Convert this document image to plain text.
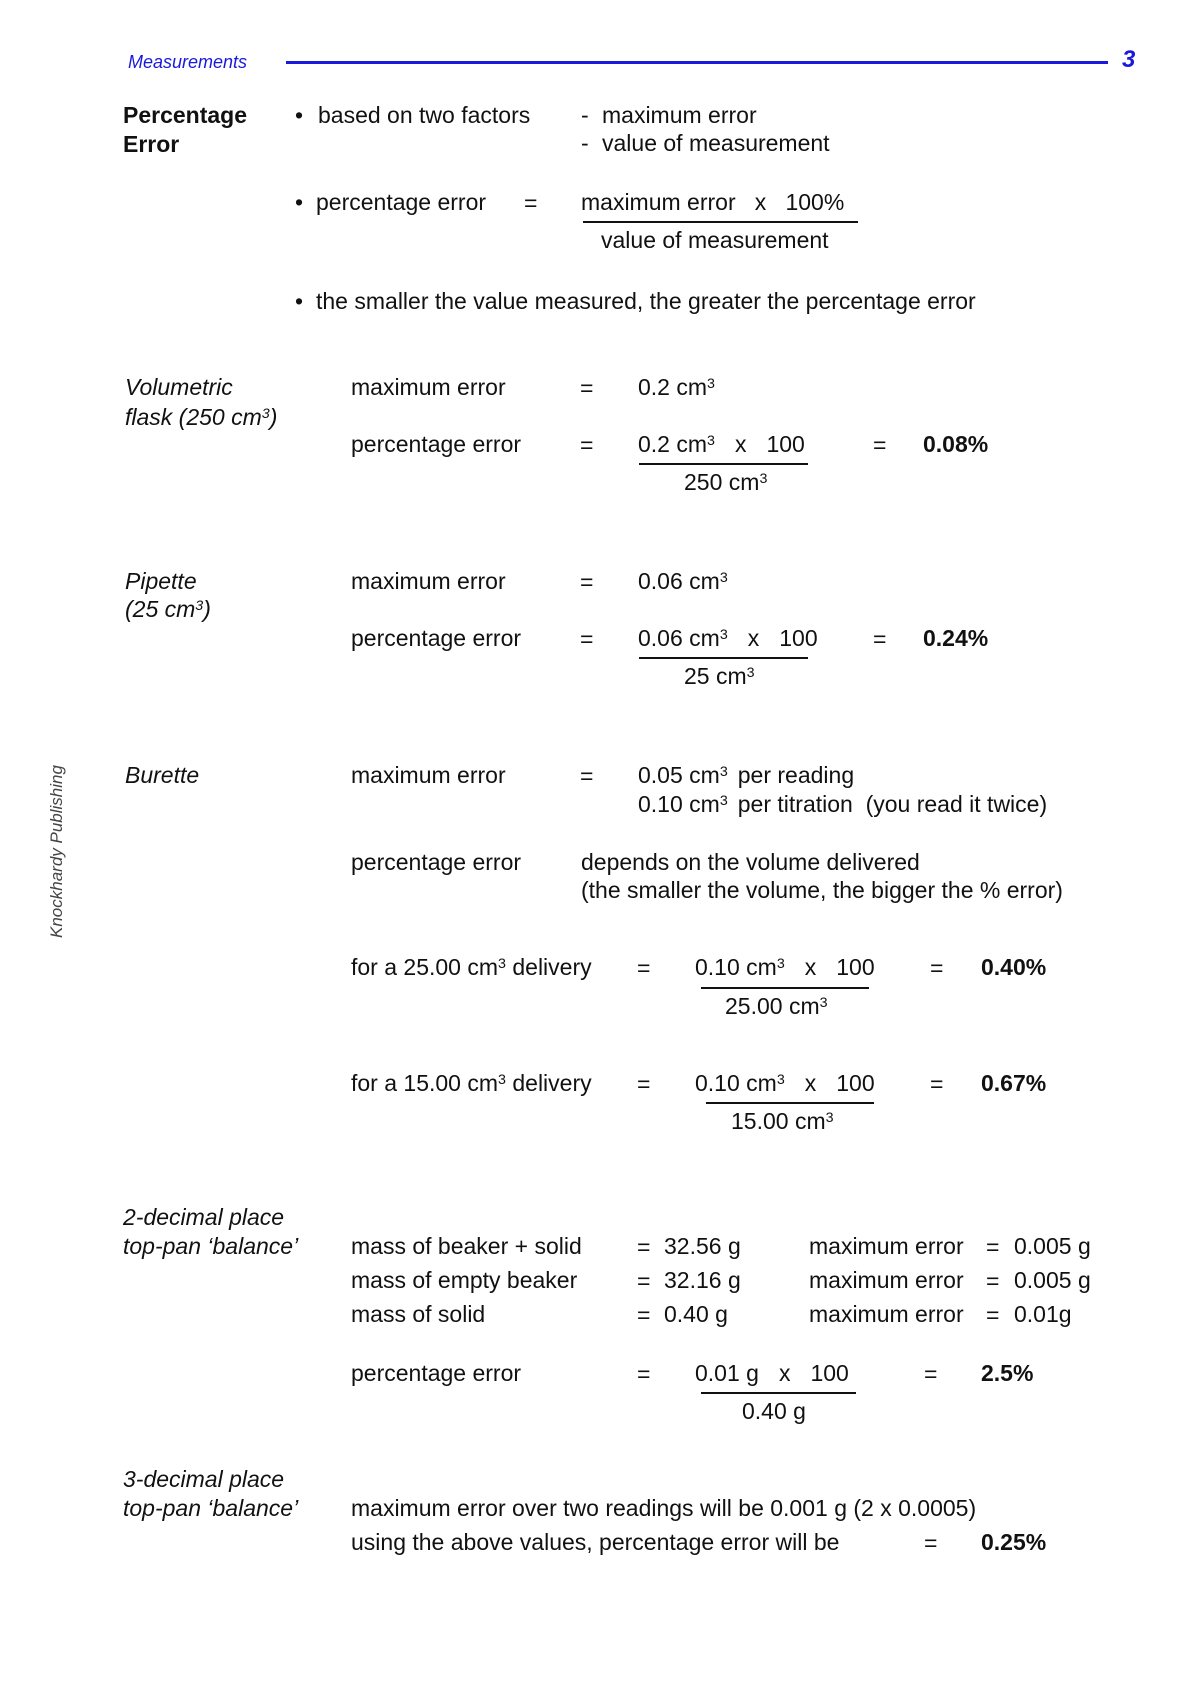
Measurements	3
Knockhardy Publishing
Percentage
Error
• based on two factors - maximum error
- value of measurement
• percentage error = maximum error   x   100%
value of measurement
• the smaller the value measured, the greater the percentage error
Volumetric
flask (250 $cm^3$)
maximum error	= 0.2 $cm^3$
percentage error	= 0.2 $cm^3$ x 100
250 $cm^3$
= 0.08%
Pipette
(25 $cm^3$)
maximum error	= 0.06 $cm^3$
percentage error	= 0.06 $cm^3$ x 100
25 $cm^3$
= 0.24%
Burette	maximum error	= 0.05 $cm^3$ per reading
0.10 $cm^3$ per titration  (you read it twice)
percentage error	depends on the volume delivered
(the smaller the volume, the bigger the % error)
for a 25.00 $cm^3$ delivery = 0.10 $cm^3$ x 100
25.00 $cm^3$
= 0.40%
for a 15.00 $cm^3$ delivery = 0.10 $cm^3$ x 100
15.00 $cm^3$
= 0.67%
2-decimal place
top-pan ‘balance’ mass of beaker + solid = 32.56 g	maximum error = 0.005 g
mass of empty beaker	= 32.16 g	maximum error = 0.005 g
mass of solid	= 0.40 g	maximum error = 0.01g
percentage error	= 0.01 g x 100
0.40 g
= 2.5%
3-decimal place
top-pan ‘balance’ maximum error over two readings will be 0.001 g (2 x 0.0005)
using the above values, percentage error will be	= 0.25%
